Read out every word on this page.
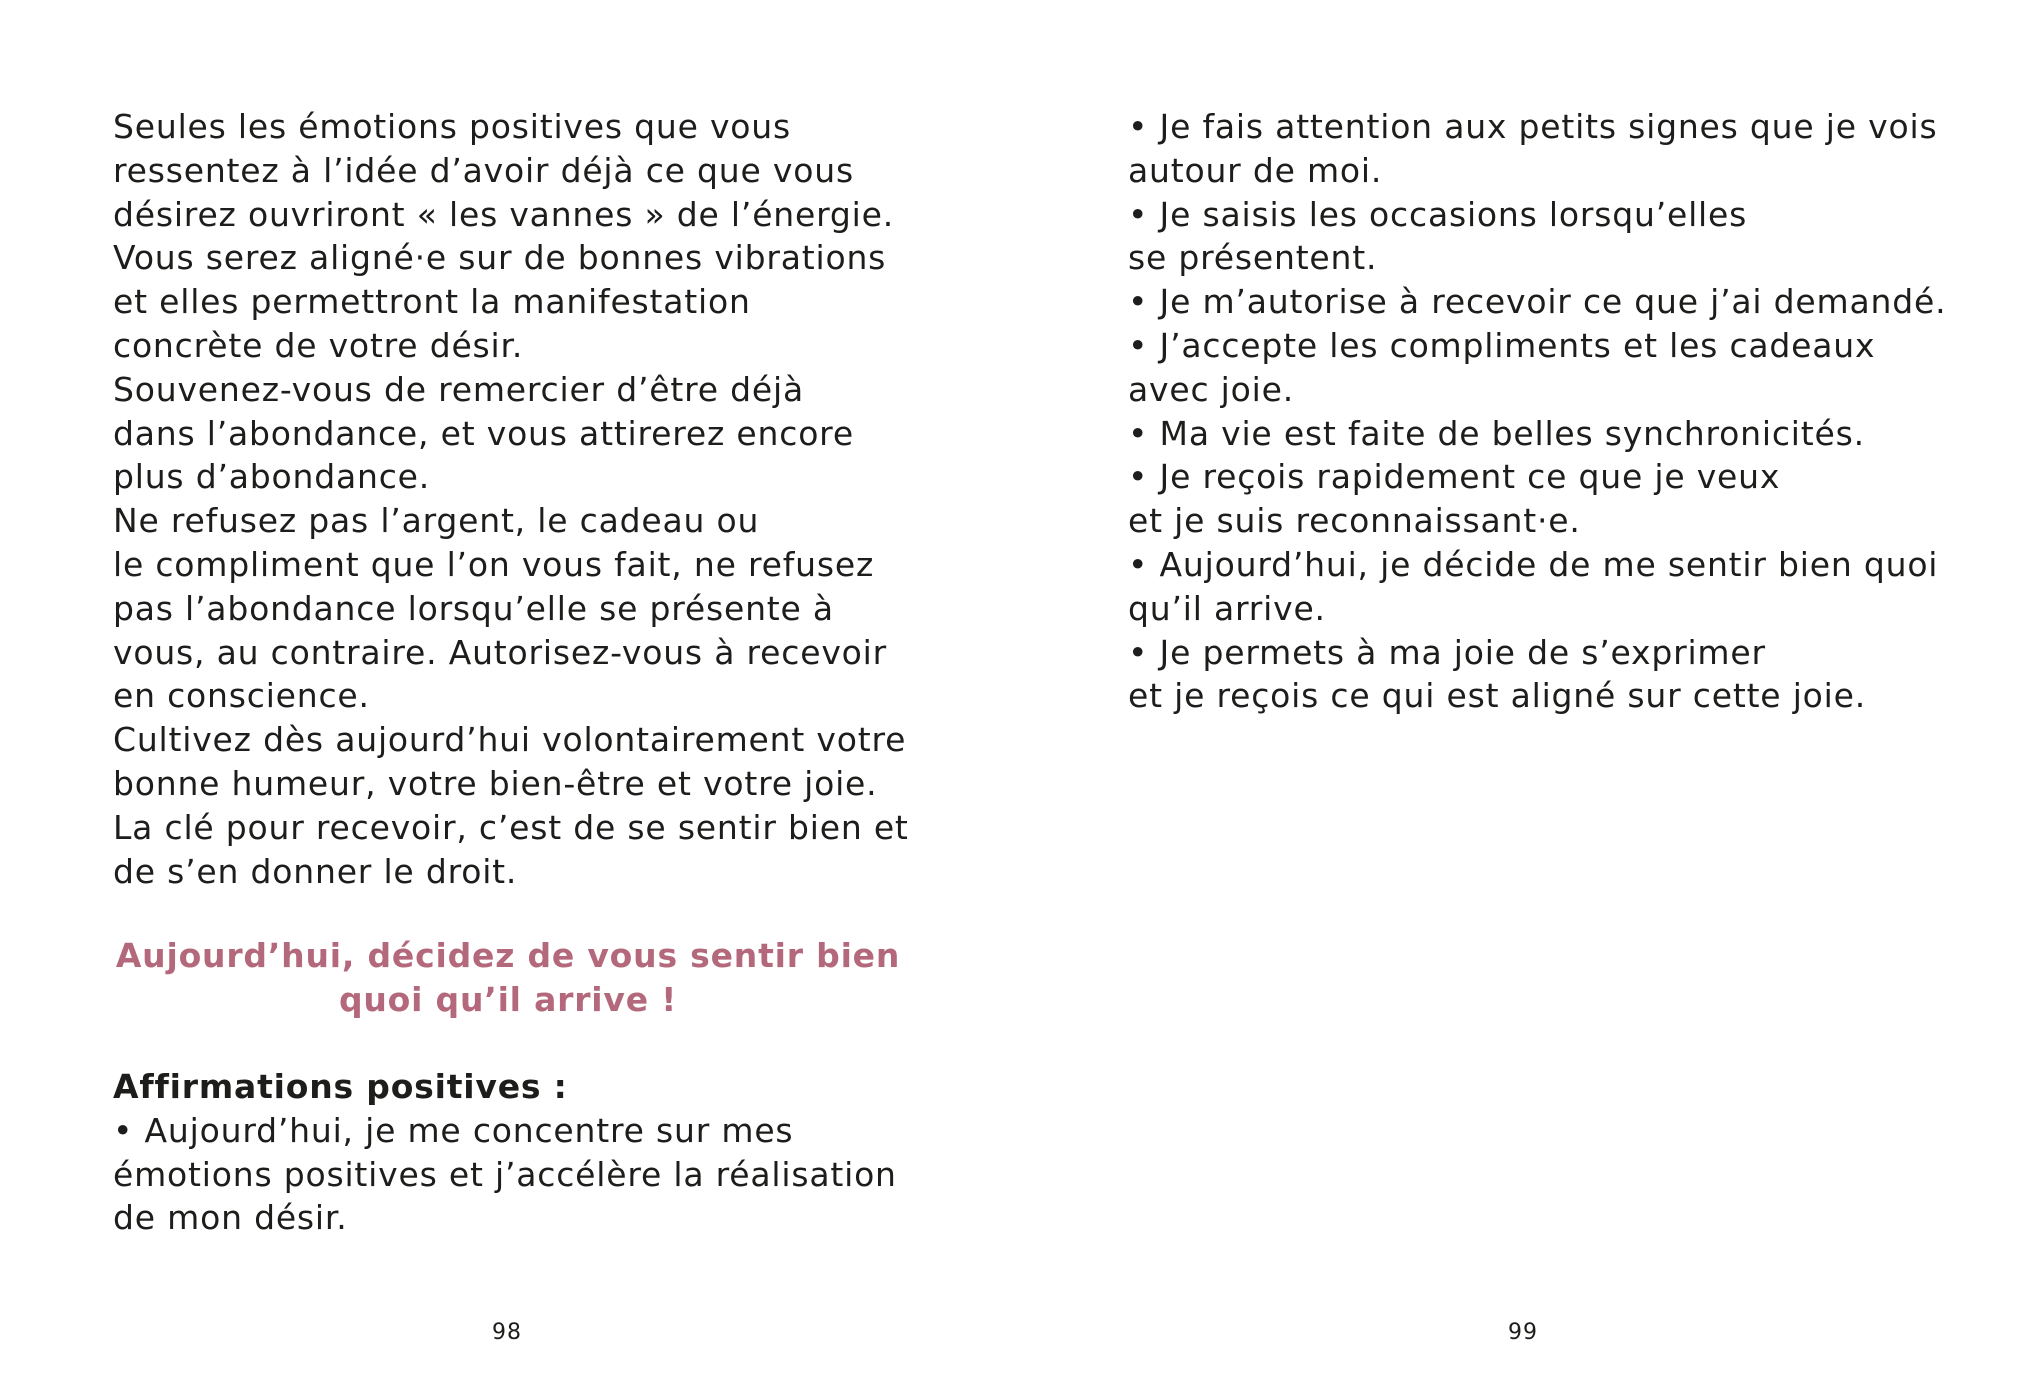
Seules les émotions positives que vous
ressentez à l’idée d’avoir déjà ce que vous
désirez ouvriront « les vannes » de l’énergie.
Vous serez aligné·e sur de bonnes vibrations
et elles permettront la manifestation
concrète de votre désir.
Souvenez-vous de remercier d’être déjà
dans l’abondance, et vous attirerez encore
plus d’abondance.
Ne refusez pas l’argent, le cadeau ou
le compliment que l’on vous fait, ne refusez
pas l’abondance lorsqu’elle se présente à
vous, au contraire. Autorisez-vous à recevoir
en conscience.
Cultivez dès aujourd’hui volontairement votre
bonne humeur, votre bien-être et votre joie.
La clé pour recevoir, c’est de se sentir bien et
de s’en donner le droit.

Aujourd’hui, décidez de vous sentir bien
quoi qu’il arrive !

Affirmations positives :

• Aujourd’hui, je me concentre sur mes
émotions positives et j’accélère la réalisation
de mon désir.

• Je fais attention aux petits signes que je vois
autour de moi.
• Je saisis les occasions lorsqu’elles
se présentent.
• Je m’autorise à recevoir ce que j’ai demandé.
• J’accepte les compliments et les cadeaux
avec joie.
• Ma vie est faite de belles synchronicités.
• Je reçois rapidement ce que je veux
et je suis reconnaissant·e.
• Aujourd’hui, je décide de me sentir bien quoi
qu’il arrive.
• Je permets à ma joie de s’exprimer
et je reçois ce qui est aligné sur cette joie.

98	99
